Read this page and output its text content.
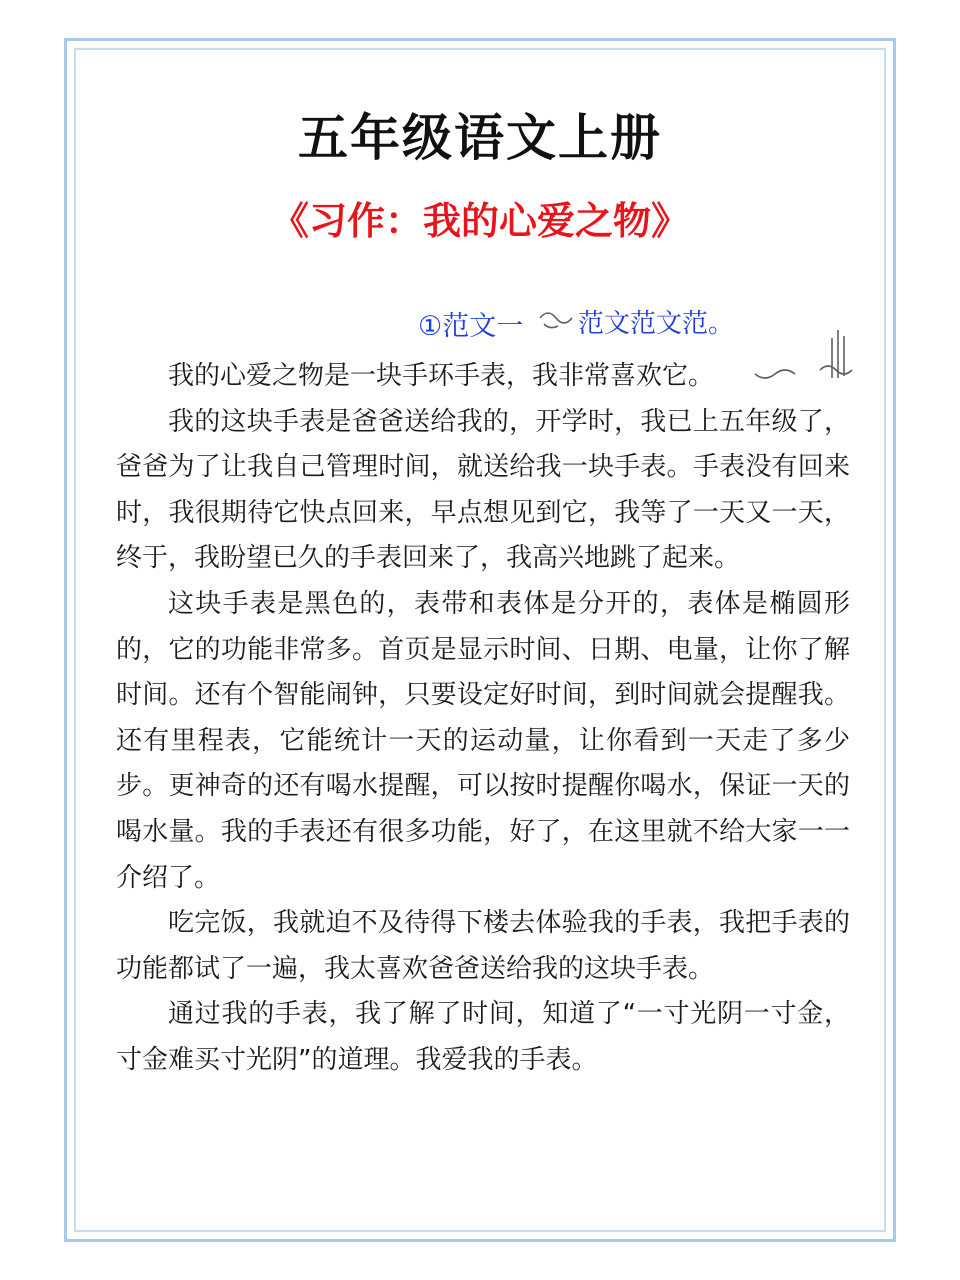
五年级语文上册
《习作：我的心爱之物》
①范文一 范文范文范。

我的心爱之物是一块手环手表，我非常喜欢它。

我的这块手表是爸爸送给我的，开学时，我已上五年级了，爸爸为了让我自己管理时间，就送给我一块手表。手表没有回来时，我很期待它快点回来，早点想见到它，我等了一天又一天，终于，我盼望已久的手表回来了，我高兴地跳了起来。

这块手表是黑色的，表带和表体是分开的，表体是椭圆形的，它的功能非常多。首页是显示时间、日期、电量，让你了解时间。还有个智能闹钟，只要设定好时间，到时间就会提醒我。还有里程表，它能统计一天的运动量，让你看到一天走了多少步。更神奇的还有喝水提醒，可以按时提醒你喝水，保证一天的喝水量。我的手表还有很多功能，好了，在这里就不给大家一一介绍了。

吃完饭，我就迫不及待得下楼去体验我的手表，我把手表的功能都试了一遍，我太喜欢爸爸送给我的这块手表。

通过我的手表，我了解了时间，知道了“一寸光阴一寸金，寸金难买寸光阴”的道理。我爱我的手表。
